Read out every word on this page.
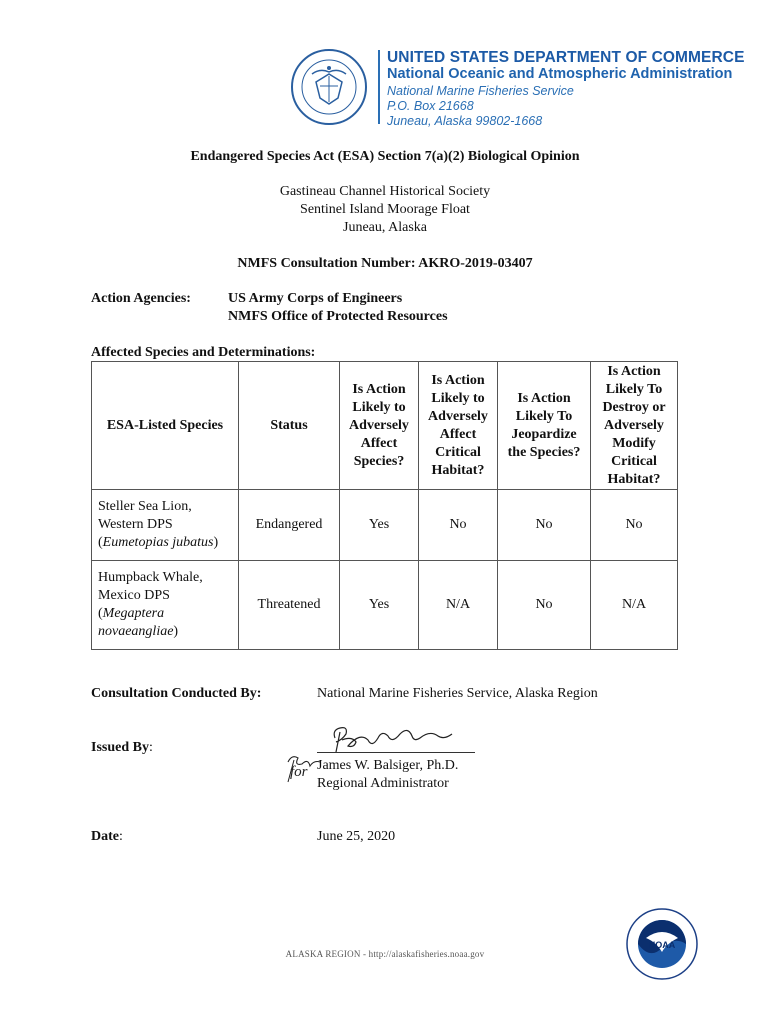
UNITED STATES DEPARTMENT OF COMMERCE
National Oceanic and Atmospheric Administration
National Marine Fisheries Service
P.O. Box 21668
Juneau, Alaska 99802-1668
Endangered Species Act (ESA) Section 7(a)(2) Biological Opinion
Gastineau Channel Historical Society
Sentinel Island Moorage Float
Juneau, Alaska
NMFS Consultation Number: AKRO-2019-03407
Action Agencies:	US Army Corps of Engineers
NMFS Office of Protected Resources
Affected Species and Determinations:
ESA-Listed Species	Status	Is Action Likely to Adversely Affect Species?	Is Action Likely to Adversely Affect Critical Habitat?	Is Action Likely To Jeopardize the Species?	Is Action Likely To Destroy or Adversely Modify Critical Habitat?
Steller Sea Lion, Western DPS
(Eumetopias jubatus)	Endangered	Yes	No	No	No
Humpback Whale, Mexico DPS
(Megaptera novaeangliae)	Threatened	Yes	N/A	No	N/A
Consultation Conducted By:	National Marine Fisheries Service, Alaska Region
Issued By:
for James W. Balsiger, Ph.D.
Regional Administrator
Date:	June 25, 2020
ALASKA REGION - http://alaskafisheries.noaa.gov
NOAA
